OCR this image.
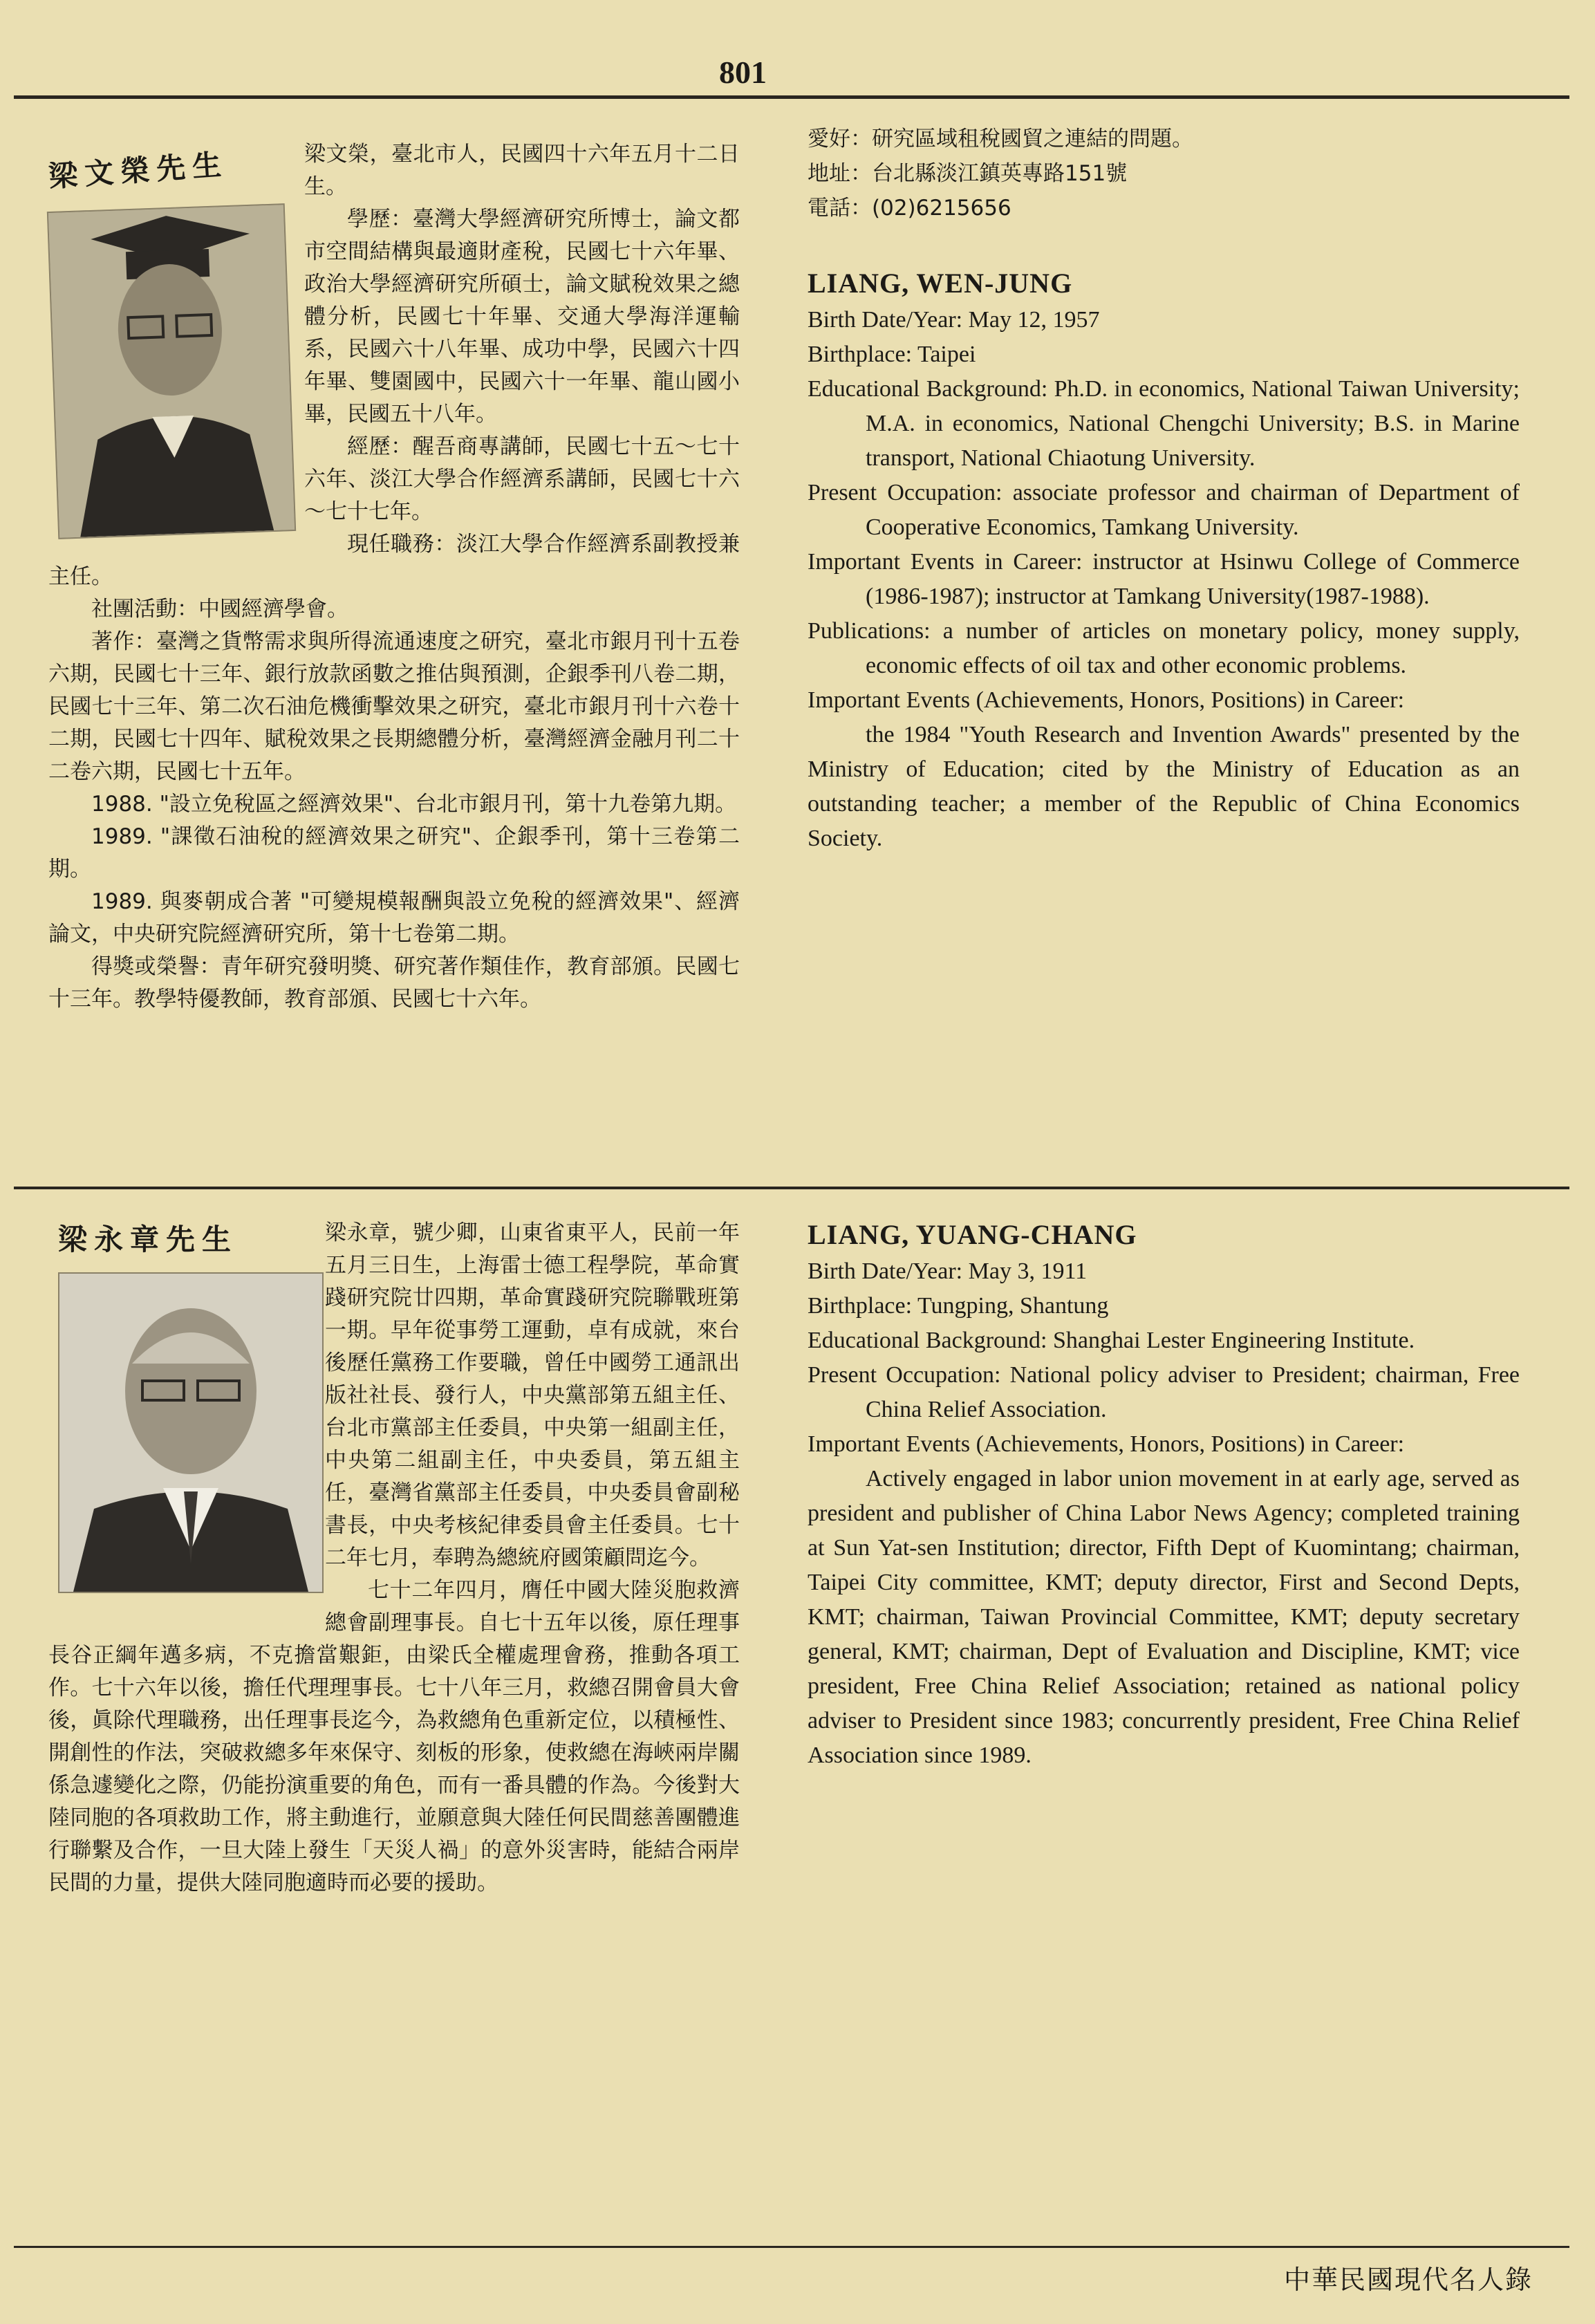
801

梁文榮，臺北市人，民國四十六年五月十二日生。

學歷：臺灣大學經濟研究所博士，論文都市空間結構與最適財產稅，民國七十六年畢、政治大學經濟研究所碩士，論文賦稅效果之總體分析，民國七十年畢、交通大學海洋運輸系，民國六十八年畢、成功中學，民國六十四年畢、雙園國中，民國六十一年畢、龍山國小畢，民國五十八年。

經歷：醒吾商專講師，民國七十五～七十六年、淡江大學合作經濟系講師，民國七十六～七十七年。

現任職務：淡江大學合作經濟系副教授兼主任。

社團活動：中國經濟學會。

著作：臺灣之貨幣需求與所得流通速度之研究，臺北市銀月刊十五卷六期，民國七十三年、銀行放款函數之推估與預測，企銀季刊八卷二期，民國七十三年、第二次石油危機衝擊效果之研究，臺北市銀月刊十六卷十二期，民國七十四年、賦稅效果之長期總體分析，臺灣經濟金融月刊二十二卷六期，民國七十五年。

1988. "設立免稅區之經濟效果"、台北市銀月刊，第十九卷第九期。

1989. "課徵石油稅的經濟效果之研究"、企銀季刊，第十三卷第二期。

1989. 與麥朝成合著 "可變規模報酬與設立免稅的經濟效果"、經濟論文，中央研究院經濟研究所，第十七卷第二期。

得獎或榮譽：青年研究發明獎、研究著作類佳作，教育部頒。民國七十三年。教學特優教師，教育部頒、民國七十六年。

梁文榮先生
愛好：研究區域租稅國貿之連結的問題。
地址：台北縣淡江鎮英專路151號
電話：(02)6215656
LIANG, WEN-JUNG
Birth Date/Year: May 12, 1957
Birthplace: Taipei
Educational Background: Ph.D. in economics, National Taiwan University; M.A. in economics, National Chengchi University; B.S. in Marine transport, National Chiaotung University.
Present Occupation: associate professor and chairman of Department of Cooperative Economics, Tamkang University.
Important Events in Career: instructor at Hsinwu College of Commerce (1986-1987); instructor at Tamkang University(1987-1988).
Publications: a number of articles on monetary policy, money supply, economic effects of oil tax and other economic problems.
Important Events (Achievements, Honors, Positions) in Career:
the 1984 "Youth Research and Invention Awards" presented by the Ministry of Education; cited by the Ministry of Education as an outstanding teacher; a member of the Republic of China Economics Society.

梁永章，號少卿，山東省東平人，民前一年五月三日生，上海雷士德工程學院，革命實踐研究院廿四期，革命實踐研究院聯戰班第一期。早年從事勞工運動，卓有成就，來台後歷任黨務工作要職，曾任中國勞工通訊出版社社長、發行人，中央黨部第五組主任、台北市黨部主任委員，中央第一組副主任，中央第二組副主任，中央委員，第五組主任，臺灣省黨部主任委員，中央委員會副秘書長，中央考核紀律委員會主任委員。七十二年七月，奉聘為總統府國策顧問迄今。

七十二年四月，膺任中國大陸災胞救濟總會副理事長。自七十五年以後，原任理事長谷正綱年邁多病，不克擔當艱鉅，由梁氏全權處理會務，推動各項工作。七十六年以後，擔任代理理事長。七十八年三月，救總召開會員大會後，眞除代理職務，出任理事長迄今，為救總角色重新定位，以積極性、開創性的作法，突破救總多年來保守、刻板的形象，使救總在海峽兩岸關係急遽變化之際，仍能扮演重要的角色，而有一番具體的作為。今後對大陸同胞的各項救助工作，將主動進行，並願意與大陸任何民間慈善團體進行聯繫及合作，一旦大陸上發生「天災人禍」的意外災害時，能結合兩岸民間的力量，提供大陸同胞適時而必要的援助。

梁永章先生	LIANG, YUANG-CHANG
Birth Date/Year: May 3, 1911
Birthplace: Tungping, Shantung
Educational Background: Shanghai Lester Engineering Institute.
Present Occupation: National policy adviser to President; chairman, Free China Relief Association.
Important Events (Achievements, Honors, Positions) in Career:
Actively engaged in labor union movement in at early age, served as president and publisher of China Labor News Agency; completed training at Sun Yat-sen Institution; director, Fifth Dept of Kuomintang; chairman, Taipei City committee, KMT; deputy director, First and Second Depts, KMT; chairman, Taiwan Provincial Committee, KMT; deputy secretary general, KMT; chairman, Dept of Evaluation and Discipline, KMT; vice president, Free China Relief Association; retained as national policy adviser to President since 1983; concurrently president, Free China Relief Association since 1989.
中華民國現代名人錄
